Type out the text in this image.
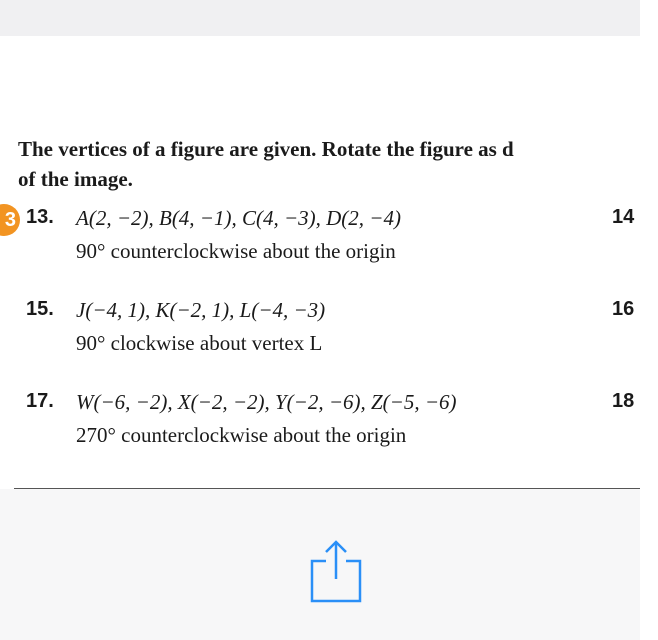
The vertices of a figure are given. Rotate the figure as d
of the image.
3 13. A(2, −2), B(4, −1), C(4, −3), D(2, −4)
90° counterclockwise about the origin
14
15. J(−4, 1), K(−2, 1), L(−4, −3)
90° clockwise about vertex L
16
17. W(−6, −2), X(−2, −2), Y(−2, −6), Z(−5, −6)
270° counterclockwise about the origin
18
